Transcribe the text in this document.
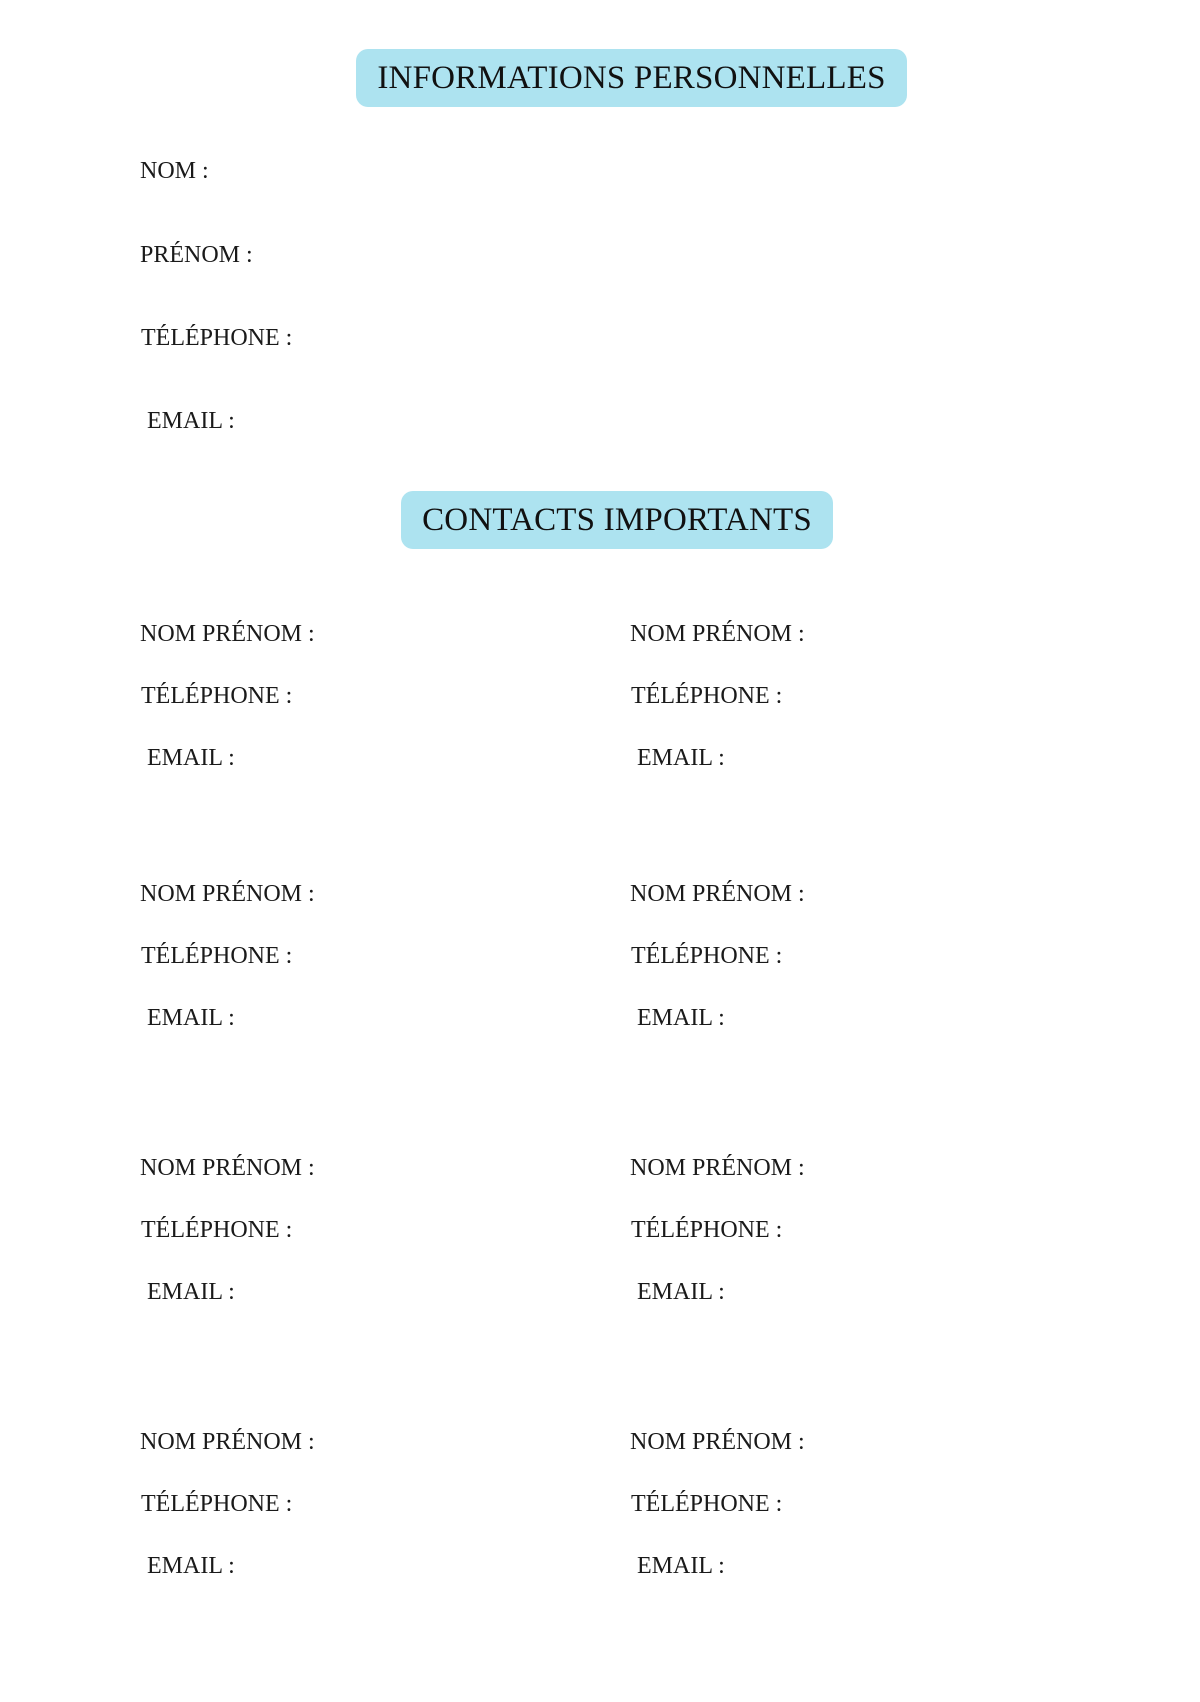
INFORMATIONS PERSONNELLES
NOM :
PRÉNOM :
TÉLÉPHONE :
EMAIL :
CONTACTS IMPORTANTS
NOM PRÉNOM :
TÉLÉPHONE :
EMAIL :
NOM PRÉNOM :
TÉLÉPHONE :
EMAIL :
NOM PRÉNOM :
TÉLÉPHONE :
EMAIL :
NOM PRÉNOM :
TÉLÉPHONE :
EMAIL :
NOM PRÉNOM :
TÉLÉPHONE :
EMAIL :
NOM PRÉNOM :
TÉLÉPHONE :
EMAIL :
NOM PRÉNOM :
TÉLÉPHONE :
EMAIL :
NOM PRÉNOM :
TÉLÉPHONE :
EMAIL :
